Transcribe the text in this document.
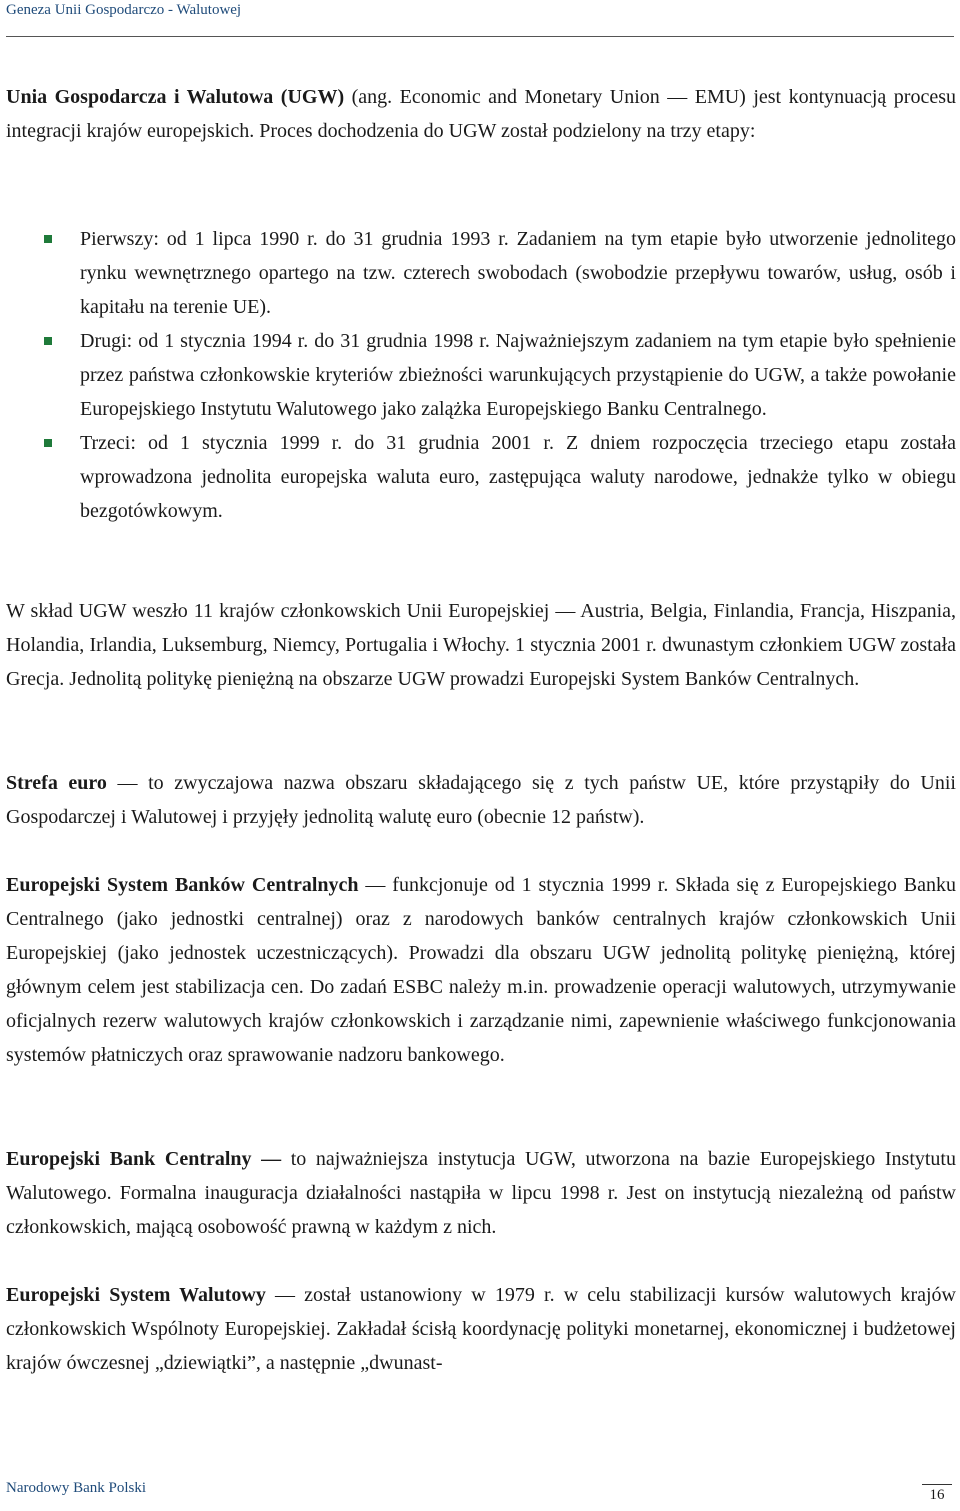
Geneza Unii Gospodarczo - Walutowej

Unia Gospodarcza i Walutowa (UGW) (ang. Economic and Monetary Union — EMU) jest kontynuacją procesu integracji krajów europejskich. Proces dochodzenia do UGW został podzielony na trzy etapy:

Pierwszy: od 1 lipca 1990 r. do 31 grudnia 1993 r. Zadaniem na tym etapie było utworzenie jednolitego rynku wewnętrznego opartego na tzw. czterech swobodach (swobodzie przepływu towarów, usług, osób i kapitału na terenie UE).
Drugi: od 1 stycznia 1994 r. do 31 grudnia 1998 r. Najważniejszym zadaniem na tym etapie było spełnienie przez państwa członkowskie kryteriów zbieżności warunkujących przystąpienie do UGW, a także powołanie Europejskiego Instytutu Walutowego jako zalążka Europejskiego Banku Centralnego.
Trzeci: od 1 stycznia 1999 r. do 31 grudnia 2001 r. Z dniem rozpoczęcia trzeciego etapu została wprowadzona jednolita europejska waluta euro, zastępująca waluty narodowe, jednakże tylko w obiegu bezgotówkowym.

W skład UGW weszło 11 krajów członkowskich Unii Europejskiej — Austria, Belgia, Finlandia, Francja, Hiszpania, Holandia, Irlandia, Luksemburg, Niemcy, Portugalia i Włochy. 1 stycznia 2001 r. dwunastym członkiem UGW została Grecja. Jednolitą politykę pieniężną na obszarze UGW prowadzi Europejski System Banków Centralnych.

Strefa euro — to zwyczajowa nazwa obszaru składającego się z tych państw UE, które przystąpiły do Unii Gospodarczej i Walutowej i przyjęły jednolitą walutę euro (obecnie 12 państw).

Europejski System Banków Centralnych — funkcjonuje od 1 stycznia 1999 r. Składa się z Europejskiego Banku Centralnego (jako jednostki centralnej) oraz z narodowych banków centralnych krajów członkowskich Unii Europejskiej (jako jednostek uczestniczących). Prowadzi dla obszaru UGW jednolitą politykę pieniężną, której głównym celem jest stabilizacja cen. Do zadań ESBC należy m.in. prowadzenie operacji walutowych, utrzymywanie oficjalnych rezerw walutowych krajów członkowskich i zarządzanie nimi, zapewnienie właściwego funkcjonowania systemów płatniczych oraz sprawowanie nadzoru bankowego.

Europejski Bank Centralny — to najważniejsza instytucja UGW, utworzona na bazie Europejskiego Instytutu Walutowego. Formalna inauguracja działalności nastąpiła w lipcu 1998 r. Jest on instytucją niezależną od państw członkowskich, mającą osobowość prawną w każdym z nich.

Europejski System Walutowy — został ustanowiony w 1979 r. w celu stabilizacji kursów walutowych krajów członkowskich Wspólnoty Europejskiej. Zakładał ścisłą koordynację polityki monetarnej, ekonomicznej i budżetowej krajów ówczesnej „dziewiątki”, a następnie „dwunast-

Narodowy Bank Polski	16
